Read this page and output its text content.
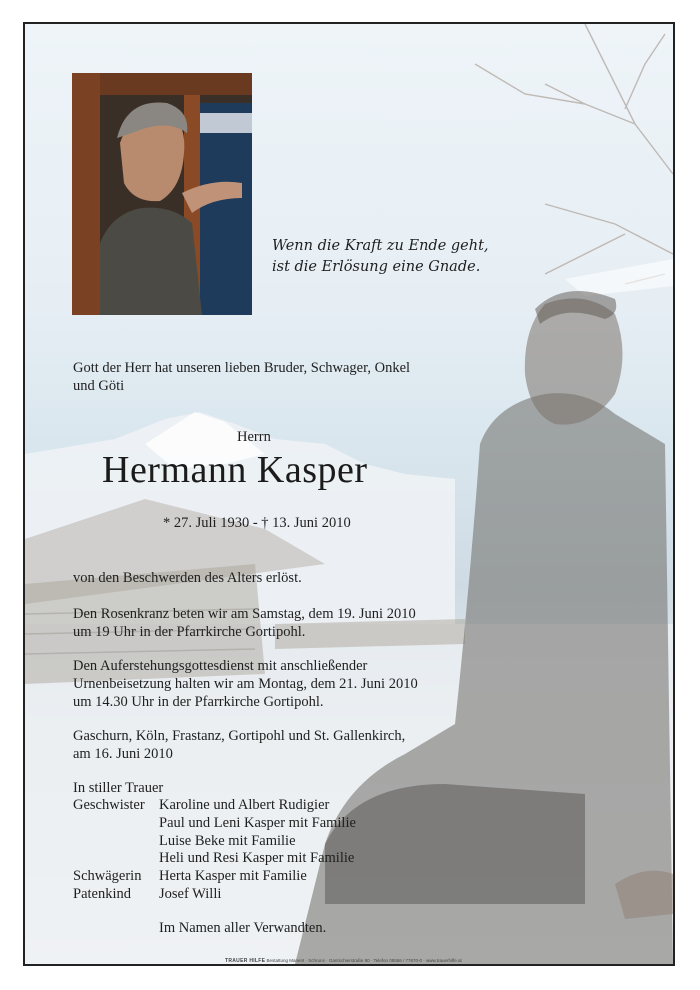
Wenn die Kraft zu Ende geht,

ist die Erlösung eine Gnade.

Gott der Herr hat unseren lieben Bruder, Schwager, Onkel

und Göti

Herrn

Hermann Kasper

* 27. Juli 1930 - † 13. Juni 2010

von den Beschwerden des Alters erlöst.

Den Rosenkranz beten wir am Samstag, dem 19. Juni 2010

um 19 Uhr in der Pfarrkirche Gortipohl.

Den Auferstehungsgottesdienst mit anschließender

Urnenbeisetzung halten wir am Montag, dem 21. Juni 2010

um 14.30 Uhr in der Pfarrkirche Gortipohl.

Gaschurn, Köln, Frastanz, Gortipohl und St. Gallenkirch,

am 16. Juni 2010

In stiller Trauer

Geschwister Karoline und Albert Rudigier
Paul und Leni Kasper mit Familie
Luise Beke mit Familie
Heli und Resi Kasper mit Familie
Schwägerin	Herta Kasper mit Familie
Patenkind	Josef Willi

Im Namen aller Verwandten.

TRAUER HILFE Bestattung Manent · Schruns · Gantschierstraße 80 · Telefon 05556 / 77670-0 · www.trauerhilfe.at
